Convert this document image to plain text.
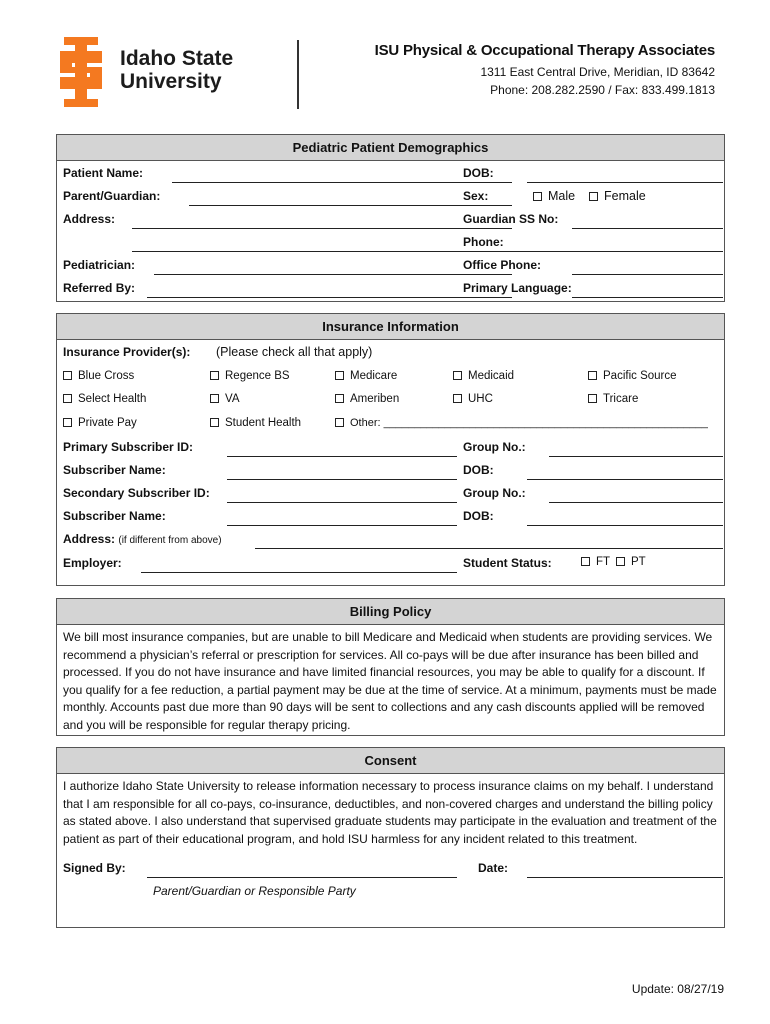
Idaho State
University
ISU Physical & Occupational Therapy Associates
1311 East Central Drive, Meridian, ID 83642
Phone: 208.282.2590 / Fax: 833.499.1813
Pediatric Patient Demographics
Patient Name:	DOB:
Parent/Guardian:	Sex:	Male	Female
Address:	Guardian SS No:
Phone:
Pediatrician:	Office Phone:
Referred By:	Primary Language:
Insurance Information
Insurance Provider(s): (Please check all that apply)
Blue Cross	Regence BS	Medicare	Medicaid	Pacific Source
Select Health	VA	Ameriben	UHC	Tricare
Private Pay	Student Health	Other: _____________________________________________________
Primary Subscriber ID:	Group No.:
Subscriber Name:	DOB:
Secondary Subscriber ID:	Group No.:
Subscriber Name:	DOB:
Address: (if different from above)
Employer:	Student Status:	FT	PT
Billing Policy
We bill most insurance companies, but are unable to bill Medicare and Medicaid when students are providing services. We recommend a physician’s referral or prescription for services. All co-pays will be due after insurance has been billed and processed. If you do not have insurance and have limited financial resources, you may be able to qualify for a discount. If you qualify for a fee reduction, a partial payment may be due at the time of service. At a minimum, payments must be made monthly. Accounts past due more than 90 days will be sent to collections and any cash discounts applied will be removed and you will be responsible for regular therapy pricing.
Consent
I authorize Idaho State University to release information necessary to process insurance claims on my behalf. I understand that I am responsible for all co-pays, co-insurance, deductibles, and non-covered charges and understand the billing policy as stated above. I also understand that supervised graduate students may participate in the evaluation and treatment of the patient as part of their educational program, and hold ISU harmless for any incident related to this treatment.
Signed By:	Date:
Parent/Guardian or Responsible Party
Update: 08/27/19
